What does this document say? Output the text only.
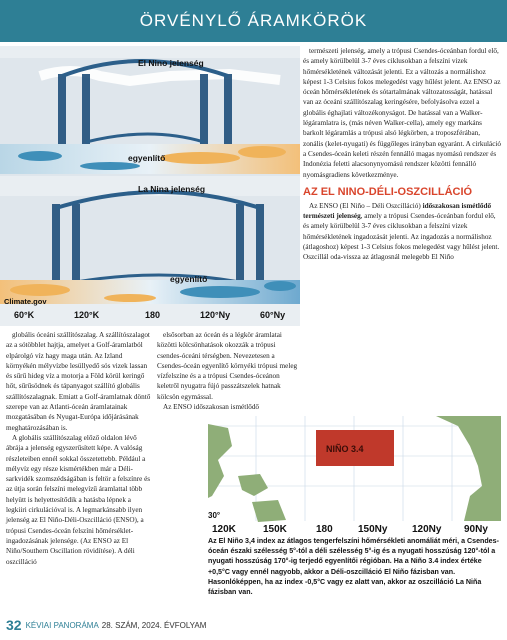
ÖRVÉNYLŐ ÁRAMKÖRÖK
60°K	120°K	180	120°Ny	60°Ny
El Nino jelenség
egyenlítő
La Nina jelenség
egyenlítő
Climate.gov

természeti jelenség, amely a trópusi Csendes-óceánban fordul elő, és amely körülbelül 3-7 éves ciklusokban a felszíni vizek hőmérsékletének változását jelenti. Ez a változás a normálishoz képest 1-3 Celsius fokos melegedést vagy hűlést jelent. Az ENSO az óceán hőmérsékletének és sótartalmának változatosságát, hatással van az óceáni szállítószalag keringésére, befolyásolva ezzel a globális éghajlati változékonyságot. De hatással van a Walker-légáramlatra is, (más néven Walker-cella), amely egy markáns barkolt légáramlás a trópusi alsó légkörben, a troposzférában, zonális (kelet-nyugati) és függőleges irányban egyaránt. A cirkuláció a Csendes-óceán keleti részén fennálló magas nyomású rendszer és Indonézia feletti alacsonynyomású rendszer közötti fennálló nyomásgradiens következménye.

AZ EL NINO-DÉLI-OSZCILLÁCIÓ

Az ENSO (El Niño – Déli Oszcilláció) időszakosan ismétlődő természeti jelenség, amely a trópusi Csendes-óceánban fordul elő, és amely körülbelül 3-7 éves ciklusokban a felszíni vizek hőmérsékletének ingadozását jelenti. Az ingadozás a normálishoz (átlagoshoz) képest 1-3 Celsius fokos melegedést vagy hűlést jelent. Oszcillál oda-vissza az átlagosnál melegebb El Niño

globális óceáni szállítószalag. A szállítószalagot az a sótöbblet hajtja, amelyet a Golf-áramlatból elpárolgó víz hagy maga után. Az Izland környékén mélyvízbe lesüllyedő sós vizek lassan és sűrű hideg víz a motorja a Föld körül keringő hőt, sűrűsödnek és tápanyagot szállító globális szállítószalagnak. Emiatt a Golf-áramlatnak döntő szerepe van az Atlanti-óceán áramlatainak mozgatásában és Nyugat-Európa időjárásának meghatározásában is.

A globális szállítószalag előző oldalon lévő ábrája a jelenség egyszerűsített képe. A valóság részleteiben ennél sokkal összetettebb. Például a mélyvíz egy része kismértékben már a Déli-sarkvidék szomszédságában is feltör a felszínre és az útja során felszíni melegvízű áramlattal több helyütt is helyettesítődik a hatásba lépnek a legkiiri cirkulációval is. A legmarkánsabb ilyen jelenség az El Niño-Déli-Oszcilláció (ENSO), a trópusi Csendes-óceán felszíni hőmérséklet-ingadozásának jelensége. (Az ENSO az El Niño/Southern Oscillation rövidítése). A déli oszcilláció

elsősorban az óceán és a légkör áramlatai közötti kölcsönhatások okozzák a trópusi csendes-óceáni térségben. Nevezetesen a Csendes-óceán egyenlítő környéki trópusi meleg vízfelszíne és a a trópusi Csendes-óceánon keletről nyugatra fújó passzátszelek hatnak kölcsön egymással.

Az ENSO időszakosan ismétlődő

NIÑO 3.4
30°
120K	150K	180	150Ny 120Ny 90Ny
Az El Niño 3,4 index az átlagos tengerfelszíni hőmérsékleti anomáliát méri, a Csendes-óceán északi szélesség 5°-tól a déli szélesség 5°-ig és a nyugati hosszúság 120°-tól a nyugati hosszúság 170°-ig terjedő egyenlítői régióban. Ha a Niño 3.4 index értéke +0,5°C vagy ennél nagyobb, akkor a Déli-oszcilláció El Niño fázisban van. Hasonlóképpen, ha az index -0,5°C vagy ez alatt van, akkor az oszcilláció La Niña fázisban van.
32 KÉVIAI PANORÁMA 28. SZÁM, 2024. ÉVFOLYAM
